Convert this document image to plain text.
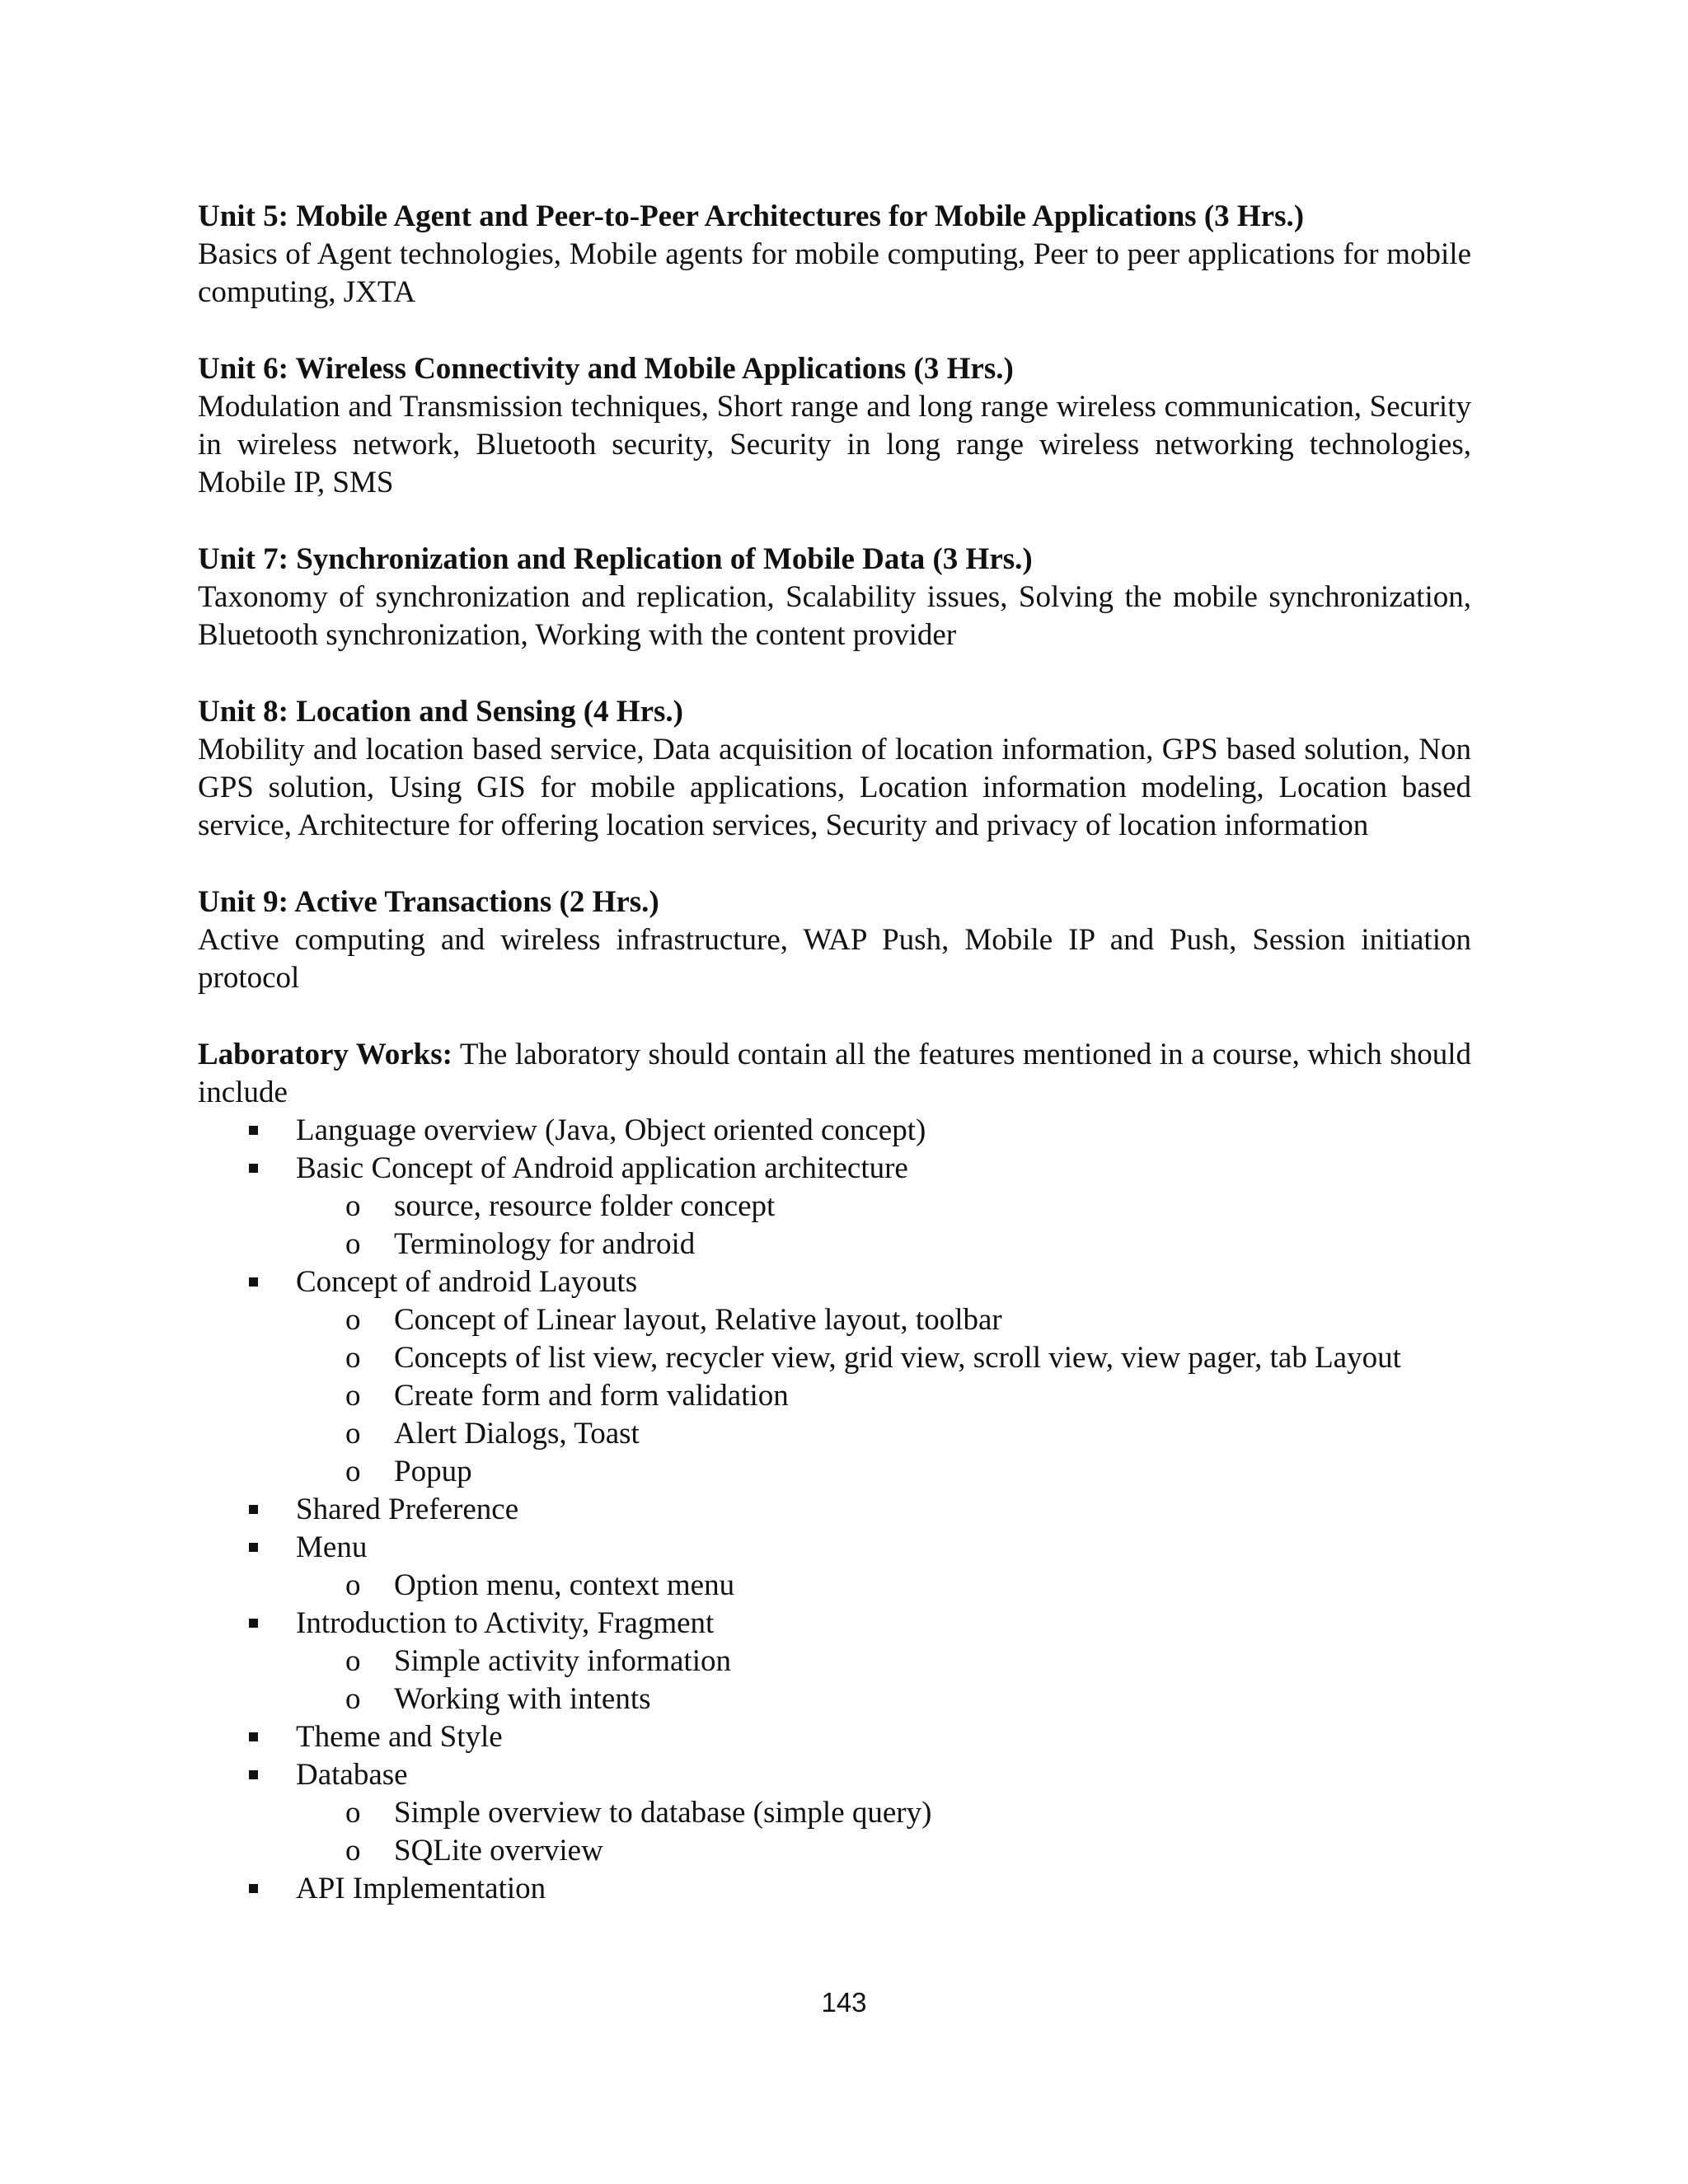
Unit 5: Mobile Agent and Peer-to-Peer Architectures for Mobile Applications (3 Hrs.)
Basics of Agent technologies, Mobile agents for mobile computing, Peer to peer applications for mobile computing, JXTA
Unit 6: Wireless Connectivity and Mobile Applications (3 Hrs.)
Modulation and Transmission techniques, Short range and long range wireless communication, Security in wireless network, Bluetooth security, Security in long range wireless networking technologies, Mobile IP, SMS
Unit 7: Synchronization and Replication of Mobile Data (3 Hrs.)
Taxonomy of synchronization and replication, Scalability issues, Solving the mobile synchronization, Bluetooth synchronization, Working with the content provider
Unit 8: Location and Sensing (4 Hrs.)
Mobility and location based service, Data acquisition of location information, GPS based solution, Non GPS solution, Using GIS for mobile applications, Location information modeling, Location based service, Architecture for offering location services, Security and privacy of location information
Unit 9: Active Transactions (2 Hrs.)
Active computing and wireless infrastructure, WAP Push, Mobile IP and Push, Session initiation protocol
Laboratory Works: The laboratory should contain all the features mentioned in a course, which should include
Language overview (Java, Object oriented concept)
Basic Concept of Android application architecture
o source, resource folder concept
o Terminology for android
Concept of android Layouts
o Concept of Linear layout, Relative layout, toolbar
o Concepts of list view, recycler view, grid view, scroll view, view pager, tab Layout
o Create form and form validation
o Alert Dialogs, Toast
o Popup
Shared Preference
Menu
o Option menu, context menu
Introduction to Activity, Fragment
o Simple activity information
o Working with intents
Theme and Style
Database
o Simple overview to database (simple query)
o SQLite overview
API Implementation
143
